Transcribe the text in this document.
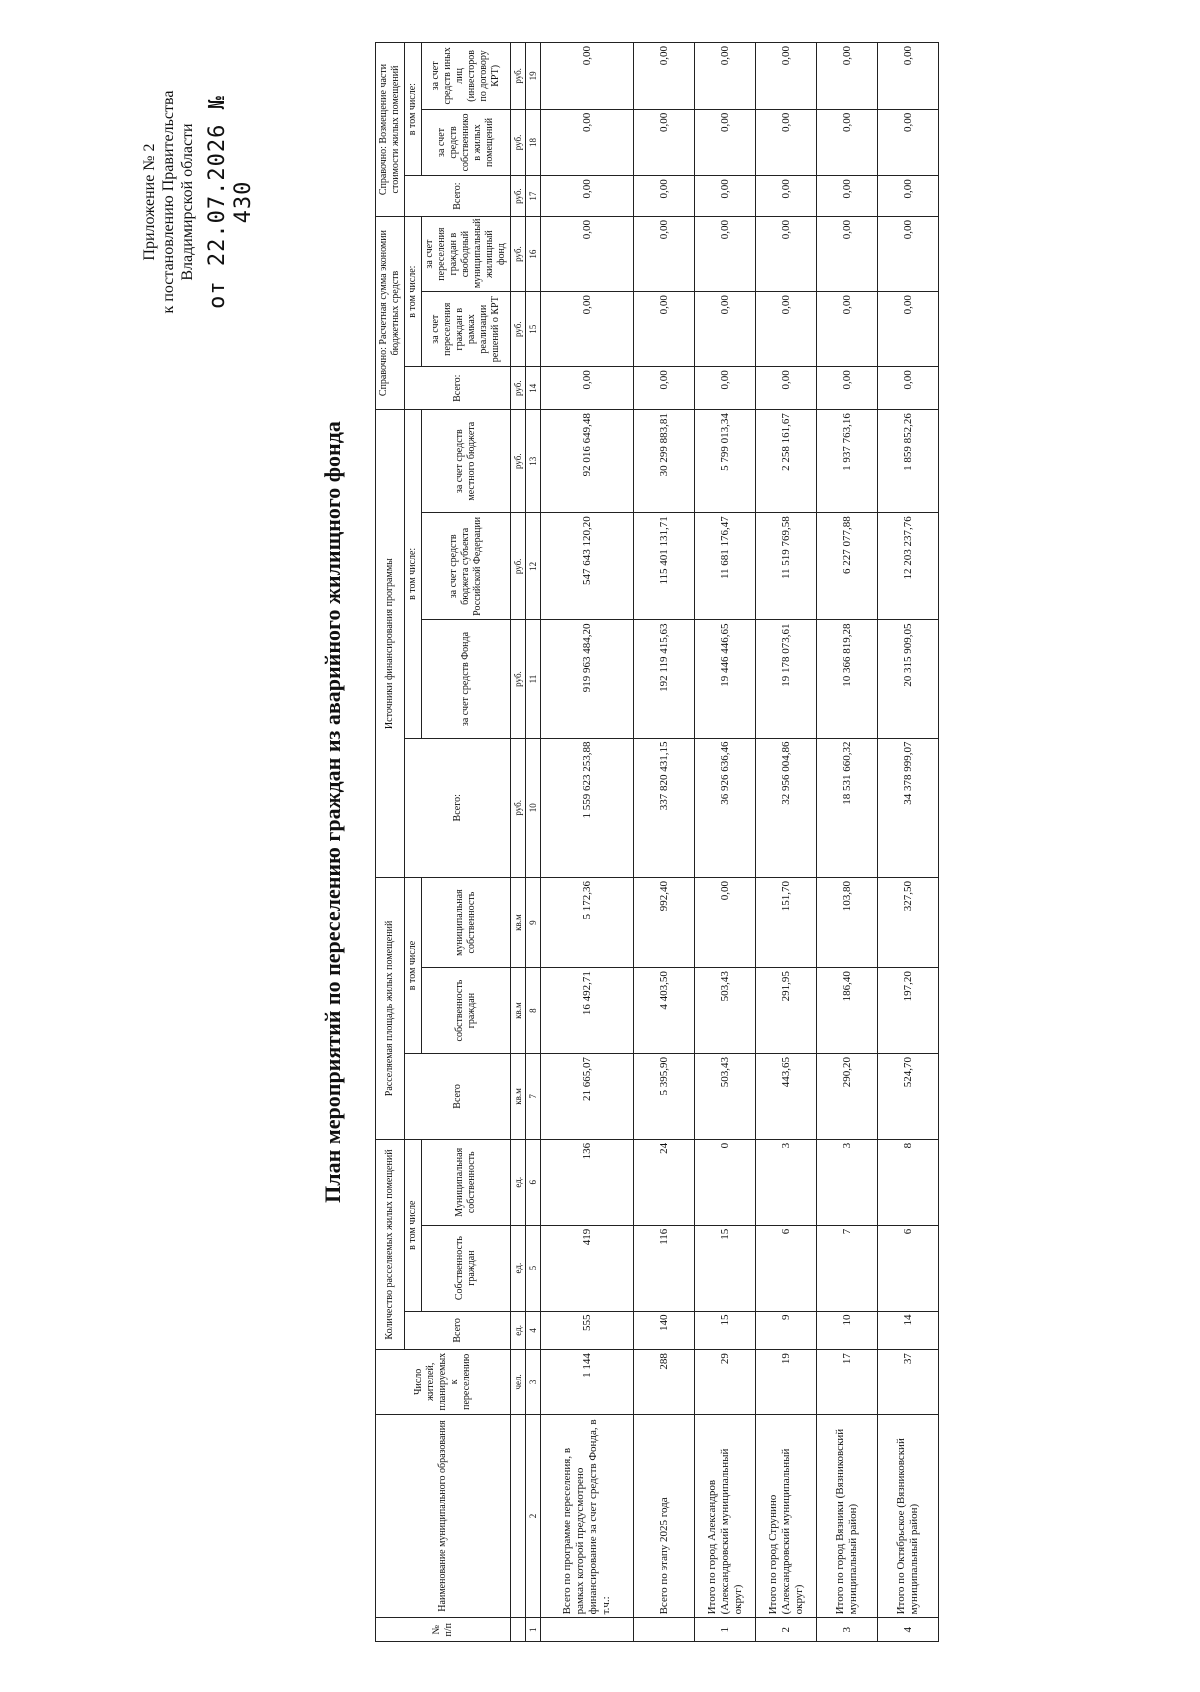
Приложение № 2 к постановлению Правительства Владимирской области от 22.07.2026 № 430
План мероприятий по переселению граждан из аварийного жилищного фонда
№ п/п	Наименование муниципального образования	Число жителей, планируемых к переселению	Количество расселяемых жилых помещений			Расселяемая площадь жилых помещений			Источники финансирования программы				Справочно: Расчетная сумма экономии бюджетных средств			Справочно: Возмещение части стоимости жилых помещений		
			Всего	в том числе		Всего	в том числе		Всего:	в том числе:			Всего:	в том числе:		Всего:	в том числе:	
				Собственность граждан	Муниципальная собственность		собственность граждан	муниципальная собственность		за счет средств Фонда	за счет средств бюджета субъекта Российской Федерации	за счет средств местного бюджета		за счет переселения граждан в рамках реализации решений о КРТ	за счет переселения граждан в свободный муниципальный жилищный фонд		за счет средств собственнико в жилых помещений	за счет средств иных лиц (инвесторов по договору КРТ)
		чел.	ед.	ед.	ед.	кв.м	кв.м	кв.м	руб.	руб.	руб.	руб.	руб.	руб.	руб.	руб.	руб.	руб.
1	2	3	4	5	6	7	8	9	10	11	12	13	14	15	16	17	18	19
	Всего по программе переселения, в рамках которой предусмотрено финансирование за счет средств Фонда, в т.ч.:	1 144	555	419	136	21 665,07	16 492,71	5 172,36	1 559 623 253,88	919 963 484,20	547 643 120,20	92 016 649,48	0,00	0,00	0,00	0,00	0,00	0,00
	Всего по этапу 2025 года	288	140	116	24	5 395,90	4 403,50	992,40	337 820 431,15	192 119 415,63	115 401 131,71	30 299 883,81	0,00	0,00	0,00	0,00	0,00	0,00
1	Итого по город Александров (Александровский муниципальный округ)	29	15	15	0	503,43	503,43	0,00	36 926 636,46	19 446 446,65	11 681 176,47	5 799 013,34	0,00	0,00	0,00	0,00	0,00	0,00
2	Итого по город Струнино (Александровский муниципальный округ)	19	9	6	3	443,65	291,95	151,70	32 956 004,86	19 178 073,61	11 519 769,58	2 258 161,67	0,00	0,00	0,00	0,00	0,00	0,00
3	Итого по город Вязники (Вязниковский муниципальный район)	17	10	7	3	290,20	186,40	103,80	18 531 660,32	10 366 819,28	6 227 077,88	1 937 763,16	0,00	0,00	0,00	0,00	0,00	0,00
4	Итого по Октябрьское (Вязниковский муниципальный район)	37	14	6	8	524,70	197,20	327,50	34 378 999,07	20 315 909,05	12 203 237,76	1 859 852,26	0,00	0,00	0,00	0,00	0,00	0,00
